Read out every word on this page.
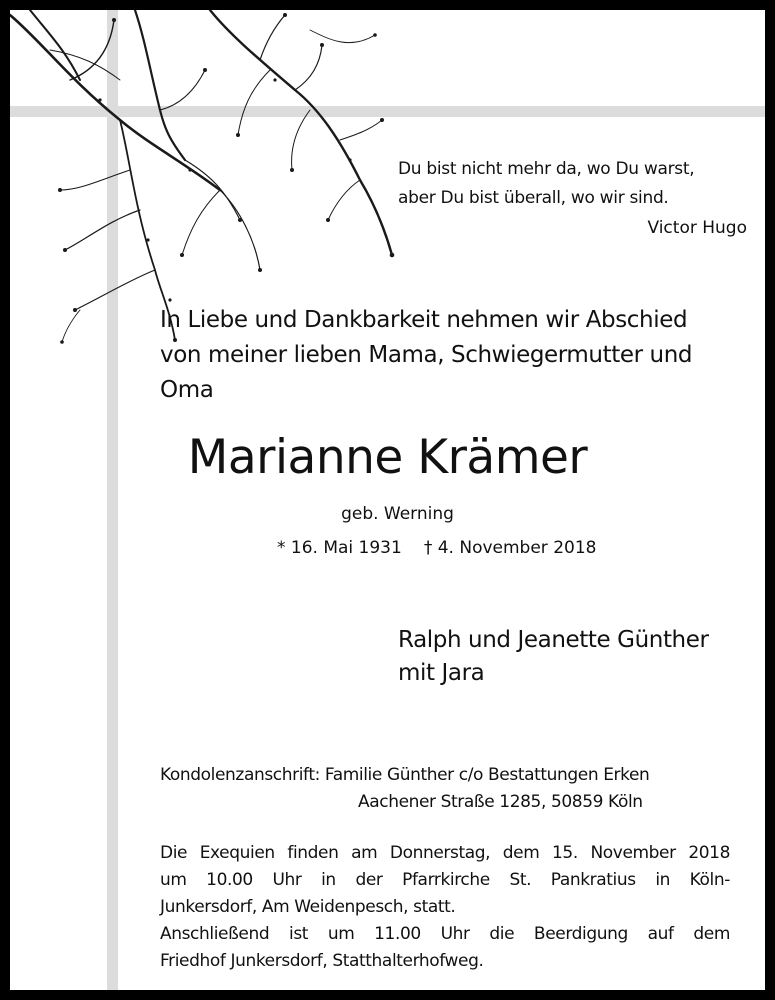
Du bist nicht mehr da, wo Du warst,
aber Du bist überall, wo wir sind.
Victor Hugo
In Liebe und Dankbarkeit nehmen wir Abschied
von meiner lieben Mama, Schwiegermutter und
Oma
Marianne Krämer
geb. Werning
* 16. Mai 1931 † 4. November 2018
Ralph und Jeanette Günther
mit Jara
Kondolenzanschrift: Familie Günther c/o Bestattungen Erken
Aachener Straße 1285, 50859 Köln
Die Exequien finden am Donnerstag, dem 15. November 2018
um 10.00 Uhr in der Pfarrkirche St. Pankratius in Köln-
Junkersdorf, Am Weidenpesch, statt.
Anschließend ist um 11.00 Uhr die Beerdigung auf dem
Friedhof Junkersdorf, Statthalterhofweg.
